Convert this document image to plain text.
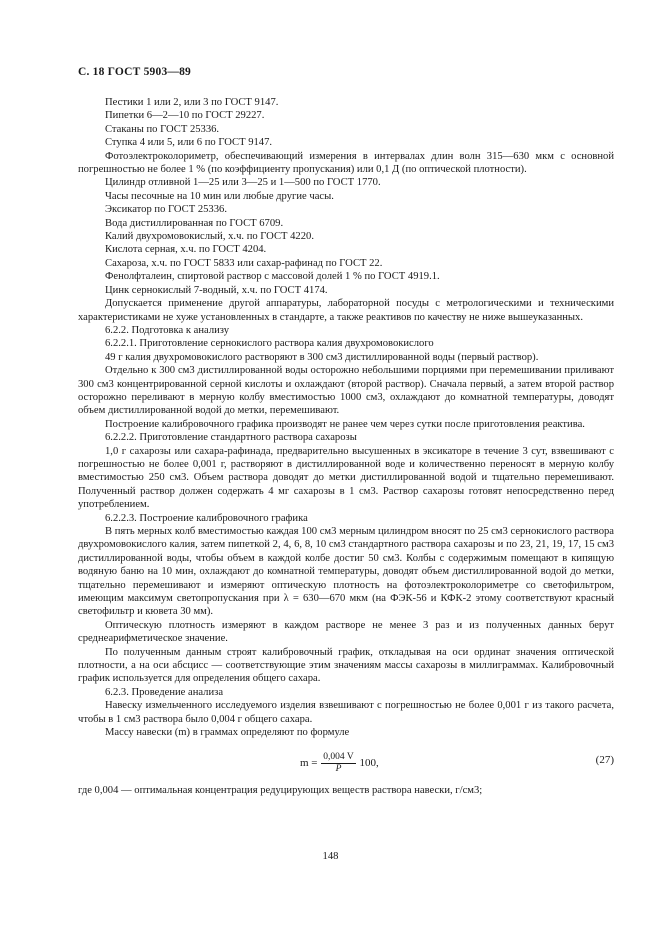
С. 18 ГОСТ 5903—89

Пестики 1 или 2, или 3 по ГОСТ 9147.

Пипетки 6—2—10 по ГОСТ 29227.

Стаканы по ГОСТ 25336.

Ступка 4 или 5, или 6 по ГОСТ 9147.

Фотоэлектроколориметр, обеспечивающий измерения в интервалах длин волн 315—630 мкм с основной погрешностью не более 1 % (по коэффициенту пропускания) или 0,1 Д (по оптической плотности).

Цилиндр отливной 1—25 или 3—25 и 1—500 по ГОСТ 1770.

Часы песочные на 10 мин или любые другие часы.

Эксикатор по ГОСТ 25336.

Вода дистиллированная по ГОСТ 6709.

Калий двухромовокислый, х.ч. по ГОСТ 4220.

Кислота серная, х.ч. по ГОСТ 4204.

Сахароза, х.ч. по ГОСТ 5833 или сахар-рафинад по ГОСТ 22.

Фенолфталеин, спиртовой раствор с массовой долей 1 % по ГОСТ 4919.1.

Цинк сернокислый 7-водный, х.ч. по ГОСТ 4174.

Допускается применение другой аппаратуры, лабораторной посуды с метрологическими и техническими характеристиками не хуже установленных в стандарте, а также реактивов по качеству не ниже вышеуказанных.

6.2.2. Подготовка к анализу

6.2.2.1. Приготовление сернокислого раствора калия двухромовокислого

49 г калия двухромовокислого растворяют в 300 см3 дистиллированной воды (первый раствор).

Отдельно к 300 см3 дистиллированной воды осторожно небольшими порциями при перемешивании приливают 300 см3 концентрированной серной кислоты и охлаждают (второй раствор). Сначала первый, а затем второй раствор осторожно переливают в мерную колбу вместимостью 1000 см3, охлаждают до комнатной температуры, доводят объем дистиллированной водой до метки, перемешивают.

Построение калибровочного графика производят не ранее чем через сутки после приготовления реактива.

6.2.2.2. Приготовление стандартного раствора сахарозы

1,0 г сахарозы или сахара-рафинада, предварительно высушенных в эксикаторе в течение 3 сут, взвешивают с погрешностью не более 0,001 г, растворяют в дистиллированной воде и количественно переносят в мерную колбу вместимостью 250 см3. Объем раствора доводят до метки дистиллированной водой и тщательно перемешивают. Полученный раствор должен содержать 4 мг сахарозы в 1 см3. Раствор сахарозы готовят непосредственно перед употреблением.

6.2.2.3. Построение калибровочного графика

В пять мерных колб вместимостью каждая 100 см3 мерным цилиндром вносят по 25 см3 сернокислого раствора двухромовокислого калия, затем пипеткой 2, 4, 6, 8, 10 см3 стандартного раствора сахарозы и по 23, 21, 19, 17, 15 см3 дистиллированной воды, чтобы объем в каждой колбе достиг 50 см3. Колбы с содержимым помещают в кипящую водяную баню на 10 мин, охлаждают до комнатной температуры, доводят объем дистиллированной водой до метки, тщательно перемешивают и измеряют оптическую плотность на фотоэлектроколориметре со светофильтром, имеющим максимум светопропускания при λ = 630—670 мкм (на ФЭК-56 и КФК-2 этому соответствуют красный светофильтр и кювета 30 мм).

Оптическую плотность измеряют в каждом растворе не менее 3 раз и из полученных данных берут среднеарифметическое значение.

По полученным данным строят калибровочный график, откладывая на оси ординат значения оптической плотности, а на оси абсцисс — соответствующие этим значениям массы сахарозы в миллиграммах. Калибровочный график используется для определения общего сахара.

6.2.3. Проведение анализа

Навеску измельченного исследуемого изделия взвешивают с погрешностью не более 0,001 г из такого расчета, чтобы в 1 см3 раствора было 0,004 г общего сахара.

Массу навески (m) в граммах определяют по формуле

$m = \frac{0,004 V}{P} 100$,	(27)

где 0,004 — оптимальная концентрация редуцирующих веществ раствора навески, г/см3;

148
